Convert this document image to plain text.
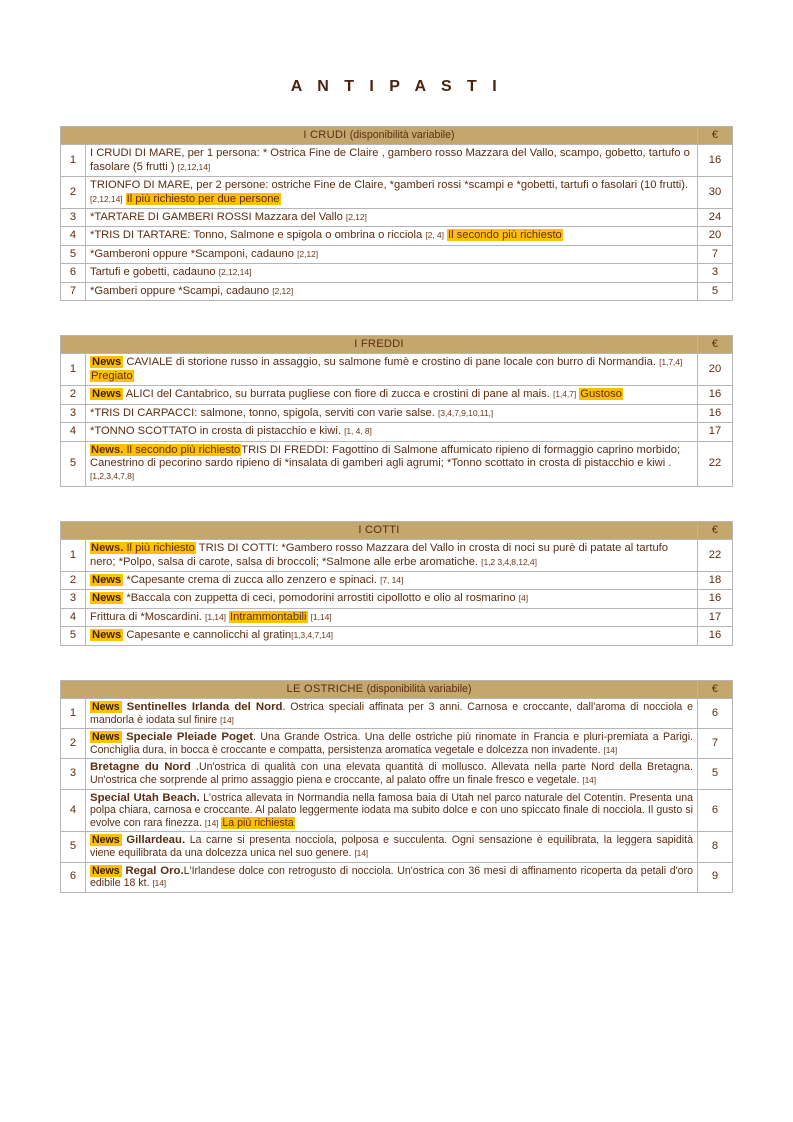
A N T I P A S T I
I CRUDI (disponibilità variabile)		€
1	I CRUDI DI MARE, per 1 persona: * Ostrica Fine de Claire , gambero rosso Mazzara del Vallo, scampo, gobetto, tartufo o fasolare (5 frutti ) [2,12,14]	16
2	TRIONFO DI MARE, per 2 persone: ostriche Fine de Claire, *gamberi rossi *scampi e *gobetti, tartufi o fasolari (10 frutti). [2,12,14] Il più richiesto per due persone	30
3	*TARTARE DI GAMBERI ROSSI Mazzara del Vallo [2,12]	24
4	*TRIS DI TARTARE: Tonno, Salmone e spigola o ombrina o ricciola [2, 4] Il secondo più richiesto	20
5	*Gamberoni oppure *Scamponi, cadauno [2,12]	7
6	Tartufi e gobetti, cadauno [2,12,14]	3
7	*Gamberi oppure *Scampi, cadauno [2,12]	5
I FREDDI		€
1	News CAVIALE di storione russo in assaggio, su salmone fumè e crostino di pane locale con burro di Normandia. [1,7,4] Pregiato	20
2	News ALICI del Cantabrico, su burrata pugliese con fiore di zucca e crostini di pane al mais. [1,4,7] Gustoso	16
3	*TRIS DI CARPACCI: salmone, tonno, spigola, serviti con varie salse. [3,4,7,9,10,11,]	16
4	*TONNO SCOTTATO in crosta di pistacchio e kiwi. [1, 4, 8]	17
5	News. Il secondo più richiestoTRIS DI FREDDI: Fagottino di Salmone affumicato ripieno di formaggio caprino morbido; Canestrino di pecorino sardo ripieno di *insalata di gamberi agli agrumi; *Tonno scottato in crosta di pistacchio e kiwi .[1,2,3,4,7,8]	22
I COTTI		€
1	News. Il più richiesto TRIS DI COTTI: *Gambero rosso Mazzara del Vallo in crosta di noci su purè di patate al tartufo nero; *Polpo, salsa di carote, salsa di broccoli; *Salmone alle erbe aromatiche. [1,2 3,4,8,12,4]	22
2	News *Capesante crema di zucca allo zenzero e spinaci. [7, 14]	18
3	News *Baccala con zuppetta di ceci, pomodorini arrostiti cipollotto e olio al rosmarino [4]	16
4	Frittura di *Moscardini. [1,14] Intrammontabili [1,14]	17
5	News Capesante e cannolicchi al gratin[1,3,4,7,14]	16
LE OSTRICHE (disponibilità variabile)		€
1	News Sentinelles Irlanda del Nord. Ostrica speciali affinata per 3 anni. Carnosa e croccante, dall'aroma di nocciola e mandorla è iodata sul finire [14]	6
2	News Speciale Pleiade Poget. Una Grande Ostrica. Una delle ostriche più rinomate in Francia e pluri-premiata a Parigi. Conchiglia dura, in bocca è croccante e compatta, persistenza aromatica vegetale e dolcezza non invadente. [14]	7
3	Bretagne du Nord .Un'ostrica di qualità con una elevata quantità di mollusco. Allevata nella parte Nord della Bretagna. Un'ostrica che sorprende al primo assaggio piena e croccante, al palato offre un finale fresco e vegetale. [14]	5
4	Special Utah Beach. L'ostrica allevata in Normandia nella famosa baia di Utah nel parco naturale del Cotentin. Presenta una polpa chiara, carnosa e croccante. Al palato leggermente iodata ma subito dolce e con uno spiccato finale di nocciola. Il gusto si evolve con rara finezza. [14] La più richiesta	6
5	News Gillardeau. La carne si presenta nocciola, polposa e succulenta. Ogni sensazione è equilibrata, la leggera sapidità viene equilibrata da una dolcezza unica nel suo genere. [14]	8
6	News Regal Oro.L'Irlandese dolce con retrogusto di nocciola. Un'ostrica con 36 mesi di affinamento ricoperta da petali d'oro edibile 18 kt. [14]	9
